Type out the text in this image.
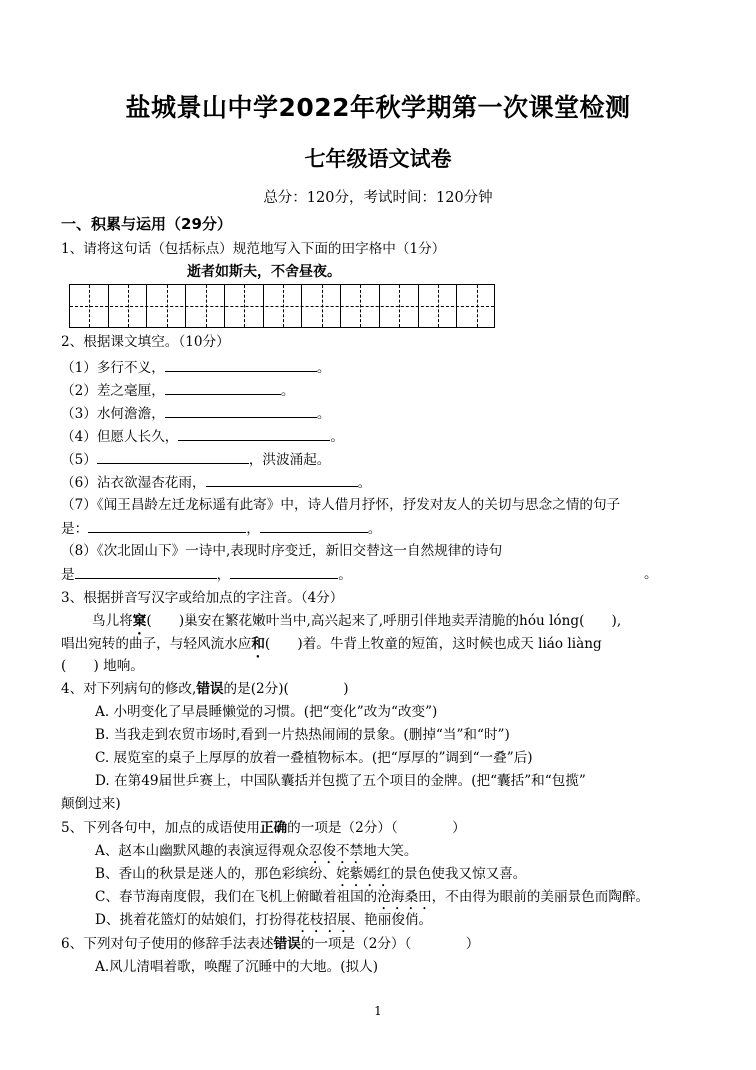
盐城景山中学2022年秋学期第一次课堂检测
七年级语文试卷
总分：120分，考试时间：120分钟
一、积累与运用（29分）
1、请将这句话（包括标点）规范地写入下面的田字格中（1分）
逝者如斯夫，不舍昼夜。
2、根据课文填空。（10分）
（1）多行不义，	。
（2）差之毫厘，	。
（3）水何澹澹，	。
（4）但愿人长久，	。
（5）	，洪波涌起。
（6）沾衣欲湿杏花雨，	。
（7）《闻王昌龄左迁龙标遥有此寄》中，诗人借月抒怀，抒发对友人的关切与思念之情的句子
是：	，	。
（8）《次北固山下》一诗中,表现时序变迁，新旧交替这一自然规律的诗句
是	，	。	。
3、根据拼音写汉字或给加点的字注音。（4分）
鸟儿将窠(　　)巢安在繁花嫩叶当中,高兴起来了,呼朋引伴地卖弄清脆的hóu lóng(　　),
唱出宛转的曲子，与轻风流水应和(　　)着。牛背上牧童的短笛，这时候也成天 liáo liàng
(　　) 地响。
4、对下列病句的修改,错误的是(2分)(　　　　)
A. 小明变化了早晨睡懒觉的习惯。(把“变化”改为“改变”)
B. 当我走到农贸市场时,看到一片热热闹闹的景象。(删掉“当”和“时”)
C. 展览室的桌子上厚厚的放着一叠植物标本。(把“厚厚的”调到“一叠”后)
D. 在第49届世乒赛上，中国队囊括并包揽了五个项目的金牌。(把“囊括”和“包揽”
颠倒过来)
5、下列各句中，加点的成语使用正确的一项是（2分）（　　　　）
A、赵本山幽默风趣的表演逗得观众忍俊不禁地大笑。
B、香山的秋景是迷人的，那色彩缤纷、姹紫嫣红的景色使我又惊又喜。
C、春节海南度假，我们在飞机上俯瞰着祖国的沧海桑田，不由得为眼前的美丽景色而陶醉。
D、挑着花篮灯的姑娘们，打扮得花枝招展、艳丽俊俏。
6、下列对句子使用的修辞手法表述错误的一项是（2分）（　　　　）
A.风儿清唱着歌，唤醒了沉睡中的大地。(拟人)
1
